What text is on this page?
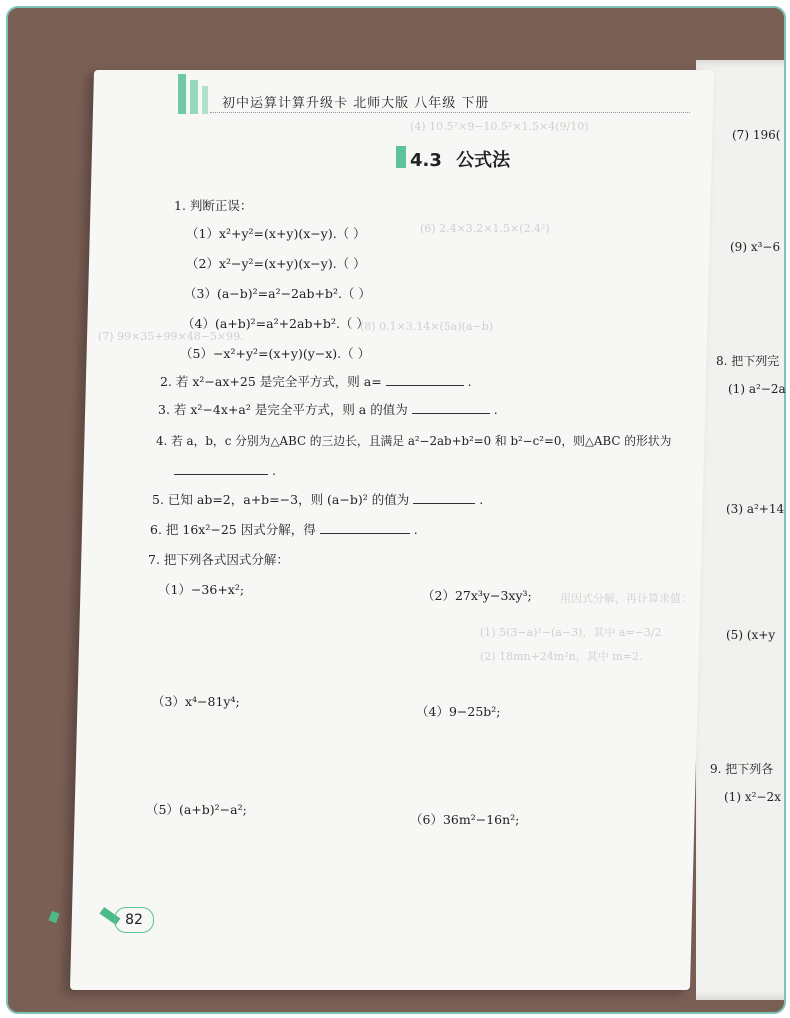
初中运算计算升级卡 北师大版 八年级 下册
4.3 公式法
(4) 10.5²×9−10.5²×1.5×4(9/10)
(6) 2.4×3.2×1.5×(2.4²)
(7) 99×35+99×48−5×99.
(8) 0.1×3.14×(5a)(a−b)
用因式分解，再计算求值：
(1) 5(3−a)²−(a−3)，其中 a=−3/2
(2) 18mn+24m²n，其中 m=2.
1. 判断正误：
（1）x²+y²=(x+y)(x−y).（ ）
（2）x²−y²=(x+y)(x−y).（ ）
（3）(a−b)²=a²−2ab+b².（ ）
（4）(a+b)²=a²+2ab+b².（ ）
（5）−x²+y²=(x+y)(y−x).（ ）
2. 若 x²−ax+25 是完全平方式，则 a=	.
3. 若 x²−4x+a² 是完全平方式，则 a 的值为	.
4. 若 a，b，c 分别为△ABC 的三边长，且满足 a²−2ab+b²=0 和 b²−c²=0，则△ABC 的形状为
.
5. 已知 ab=2，a+b=−3，则 (a−b)² 的值为	.
6. 把 16x²−25 因式分解，得	.
7. 把下列各式因式分解：
（1）−36+x²;	（2）27x³y−3xy³;
（3）x⁴−81y⁴;
（4）9−25b²;
（5）(a+b)²−a²;
（6）36m²−16n²;
(7) 196(
(9) x³−6
8. 把下列完
(1) a²−2a
(3) a²+14
(5) (x+y
9. 把下列各
(1) x²−2x
82
